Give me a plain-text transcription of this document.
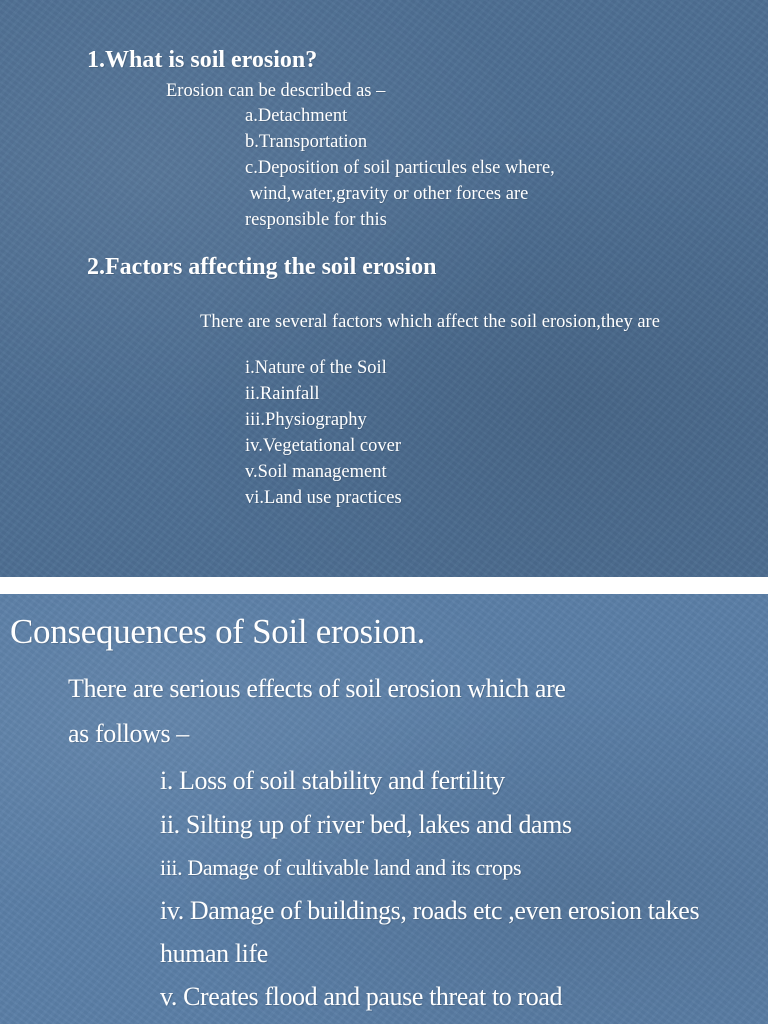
1.What is soil erosion?
Erosion can be described as –
a.Detachment
b.Transportation
c.Deposition of soil particules else where,
wind,water,gravity or other forces are
responsible for this
2.Factors affecting the soil erosion
There are several factors which affect the soil erosion,they are
i.Nature of the Soil
ii.Rainfall
iii.Physiography
iv.Vegetational cover
v.Soil management
vi.Land use practices
Consequences of Soil erosion.
There are serious effects of soil erosion which are
as follows –
i. Loss of soil stability and fertility
ii. Silting up of river bed, lakes and dams
iii. Damage of cultivable land and its crops
iv. Damage of buildings, roads etc ,even erosion takes human life
v. Creates flood and pause threat to road
